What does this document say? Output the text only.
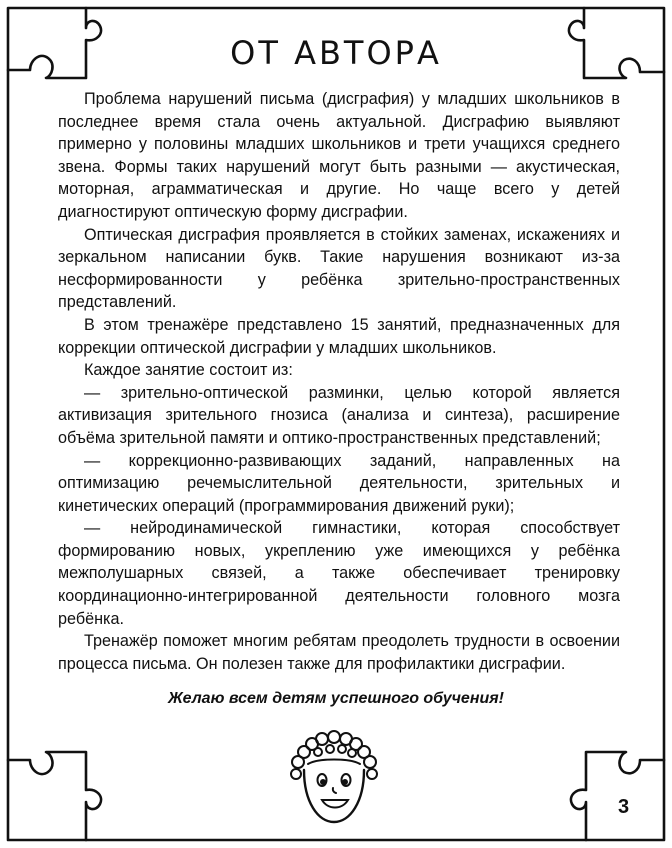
ОТ АВТОРА

Проблема нарушений письма (дисграфия) у младших школьников в последнее время стала очень актуальной. Дисграфию выявляют примерно у половины младших школьников и трети учащихся среднего звена. Формы таких нарушений могут быть разными — акустическая, моторная, аграмматическая и другие. Но чаще всего у детей диагностируют оптическую форму дисграфии.

Оптическая дисграфия проявляется в стойких заменах, искажениях и зеркальном написании букв. Такие нарушения возникают из-за несформированности у ребёнка зрительно-пространственных представлений.

В этом тренажёре представлено 15 занятий, предназначенных для коррекции оптической дисграфии у младших школьников.

Каждое занятие состоит из:

— зрительно-оптической разминки, целью которой является активизация зрительного гнозиса (анализа и синтеза), расширение объёма зрительной памяти и оптико-пространственных представлений;

— коррекционно-развивающих заданий, направленных на оптимизацию речемыслительной деятельности, зрительных и кинетических операций (программирования движений руки);

— нейродинамической гимнастики, которая способствует формированию новых, укреплению уже имеющихся у ребёнка межполушарных связей, а также обеспечивает тренировку координационно-интегрированной деятельности головного мозга ребёнка.

Тренажёр поможет многим ребятам преодолеть трудности в освоении процесса письма. Он полезен также для профилактики дисграфии.

Желаю всем детям успешного обучения!
3
